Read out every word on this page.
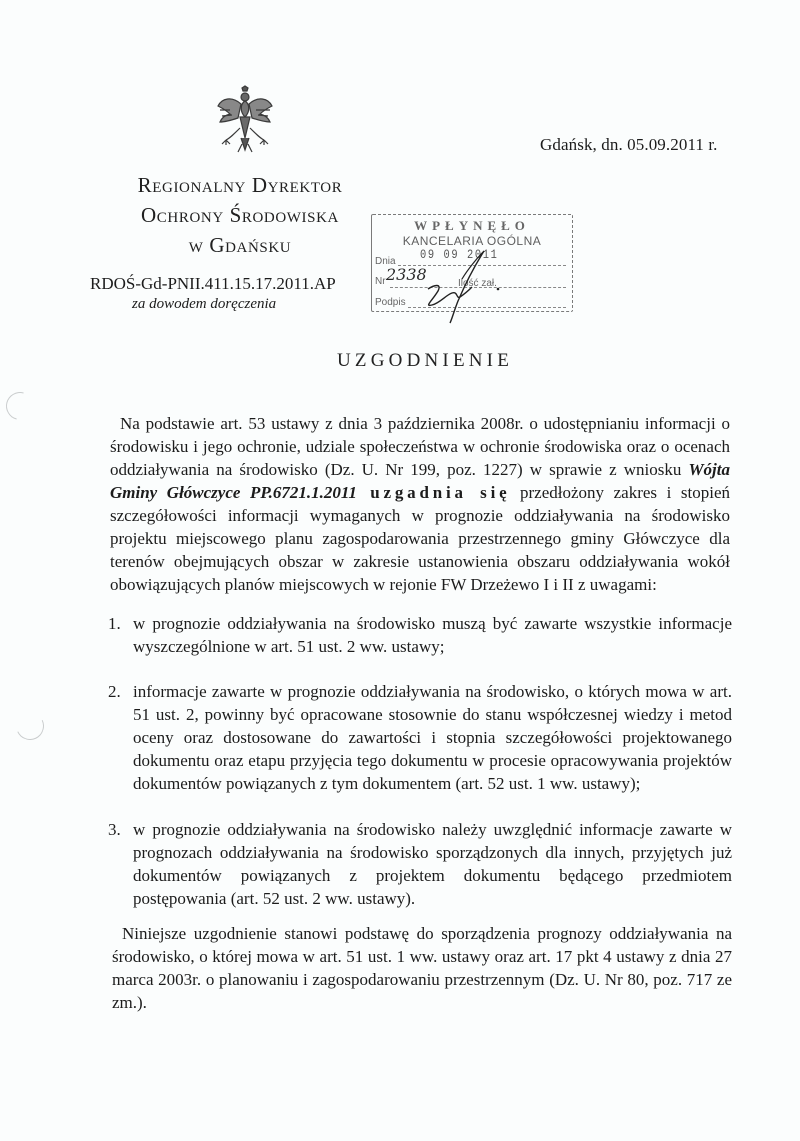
Gdańsk, dn. 05.09.2011 r.
Regionalny Dyrektor
Ochrony Środowiska
w Gdańsku
RDOŚ-Gd-PNII.411.15.17.2011.AP
za dowodem doręczenia
WPŁYNĘŁO
KANCELARIA OGÓLNA
09 09 2011
Dnia
Nr 2338	Ilość zał.
Podpis
UZGODNIENIE
Na podstawie art. 53 ustawy z dnia 3 października 2008r. o udostępnianiu informacji o środowisku i jego ochronie, udziale społeczeństwa w ochronie środowiska oraz o ocenach oddziaływania na środowisko (Dz. U. Nr 199, poz. 1227) w sprawie z wniosku Wójta Gminy Główczyce PP.6721.1.2011 uzgadnia się przedłożony zakres i stopień szczegółowości informacji wymaganych w prognozie oddziaływania na środowisko projektu miejscowego planu zagospodarowania przestrzennego gminy Główczyce dla terenów obejmujących obszar w zakresie ustanowienia obszaru oddziaływania wokół obowiązujących planów miejscowych w rejonie FW Drzeżewo I i II z uwagami:
1. w prognozie oddziaływania na środowisko muszą być zawarte wszystkie informacje wyszczególnione w art. 51 ust. 2 ww. ustawy;
2. informacje zawarte w prognozie oddziaływania na środowisko, o których mowa w art. 51 ust. 2, powinny być opracowane stosownie do stanu współczesnej wiedzy i metod oceny oraz dostosowane do zawartości i stopnia szczegółowości projektowanego dokumentu oraz etapu przyjęcia tego dokumentu w procesie opracowywania projektów dokumentów powiązanych z tym dokumentem (art. 52 ust. 1 ww. ustawy);
3. w prognozie oddziaływania na środowisko należy uwzględnić informacje zawarte w prognozach oddziaływania na środowisko sporządzonych dla innych, przyjętych już dokumentów powiązanych z projektem dokumentu będącego przedmiotem postępowania (art. 52 ust. 2 ww. ustawy).
Niniejsze uzgodnienie stanowi podstawę do sporządzenia prognozy oddziaływania na środowisko, o której mowa w art. 51 ust. 1 ww. ustawy oraz art. 17 pkt 4 ustawy z dnia 27 marca 2003r. o planowaniu i zagospodarowaniu przestrzennym (Dz. U. Nr 80, poz. 717 ze zm.).
